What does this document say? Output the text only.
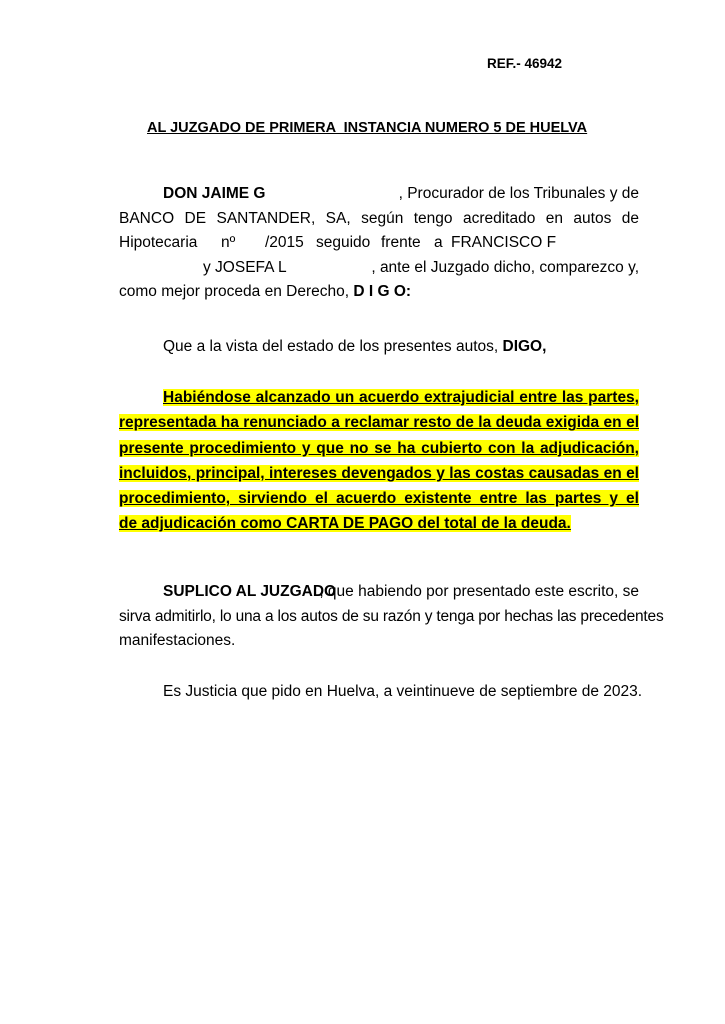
REF.- 46942
AL JUZGADO DE PRIMERA  INSTANCIA NUMERO 5 DE HUELVA
DON JAIME G	, Procurador de los Tribunales y de
BANCO DE SANTANDER, SA, según tengo acreditado en autos de
Hipotecaria nº /2015 seguido frente a FRANCISCO F
y JOSEFA L	, ante el Juzgado dicho, comparezco y,
como mejor proceda en Derecho, D I G O:
Que a la vista del estado de los presentes autos, DIGO,
Habiéndose alcanzado un acuerdo extrajudicial entre las partes,
representada ha renunciado a reclamar resto de la deuda exigida en el
presente procedimiento y que no se ha cubierto con la adjudicación,
incluidos, principal, intereses devengados y las costas causadas en el
procedimiento, sirviendo el acuerdo existente entre las partes y el
de adjudicación como CARTA DE PAGO del total de la deuda.
SUPLICO AL JUZGADO
, que habiendo por presentado este escrito, se
sirva admitirlo, lo una a los autos de su razón y tenga por hechas las precedentes
manifestaciones.
Es Justicia que pido en Huelva, a veintinueve de septiembre de 2023.
